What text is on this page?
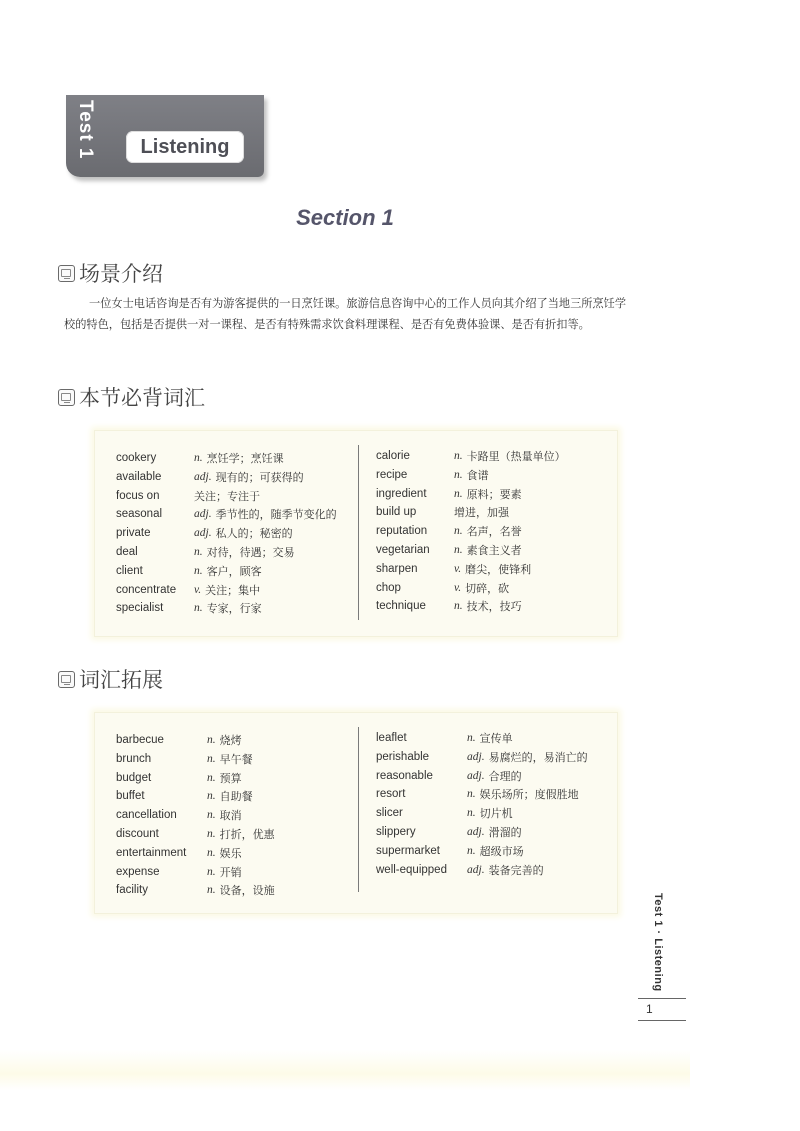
Test 1	Listening
Section 1
场景介绍
一位女士电话咨询是否有为游客提供的一日烹饪课。旅游信息咨询中心的工作人员向其介绍了当地三所烹饪学校的特色，包括是否提供一对一课程、是否有特殊需求饮食料理课程、是否有免费体验课、是否有折扣等。
本节必背词汇
cookery	n. 烹饪学；烹饪课
available	adj. 现有的；可获得的
focus on	关注；专注于
seasonal	adj. 季节性的，随季节变化的
private	adj. 私人的；秘密的
deal	n. 对待，待遇；交易
client	n. 客户，顾客
concentrate v. 关注；集中
specialist	n. 专家，行家
calorie	n. 卡路里（热量单位）
recipe	n. 食谱
ingredient n. 原料；要素
build up	增进，加强
reputation n. 名声，名誉
vegetarian n. 素食主义者
sharpen	v. 磨尖，使锋利
chop	v. 切碎，砍
technique n. 技术，技巧
词汇拓展
barbecue	n. 烧烤
brunch	n. 早午餐
budget	n. 预算
buffet	n. 自助餐
cancellation	n. 取消
discount	n. 打折，优惠
entertainment n. 娱乐
expense	n. 开销
facility	n. 设备，设施
leaflet	n. 宣传单
perishable	adj. 易腐烂的，易消亡的
reasonable	adj. 合理的
resort	n. 娱乐场所；度假胜地
slicer	n. 切片机
slippery	adj. 滑溜的
supermarket n. 超级市场
well-equipped adj. 装备完善的
Test 1 · Listening
1
